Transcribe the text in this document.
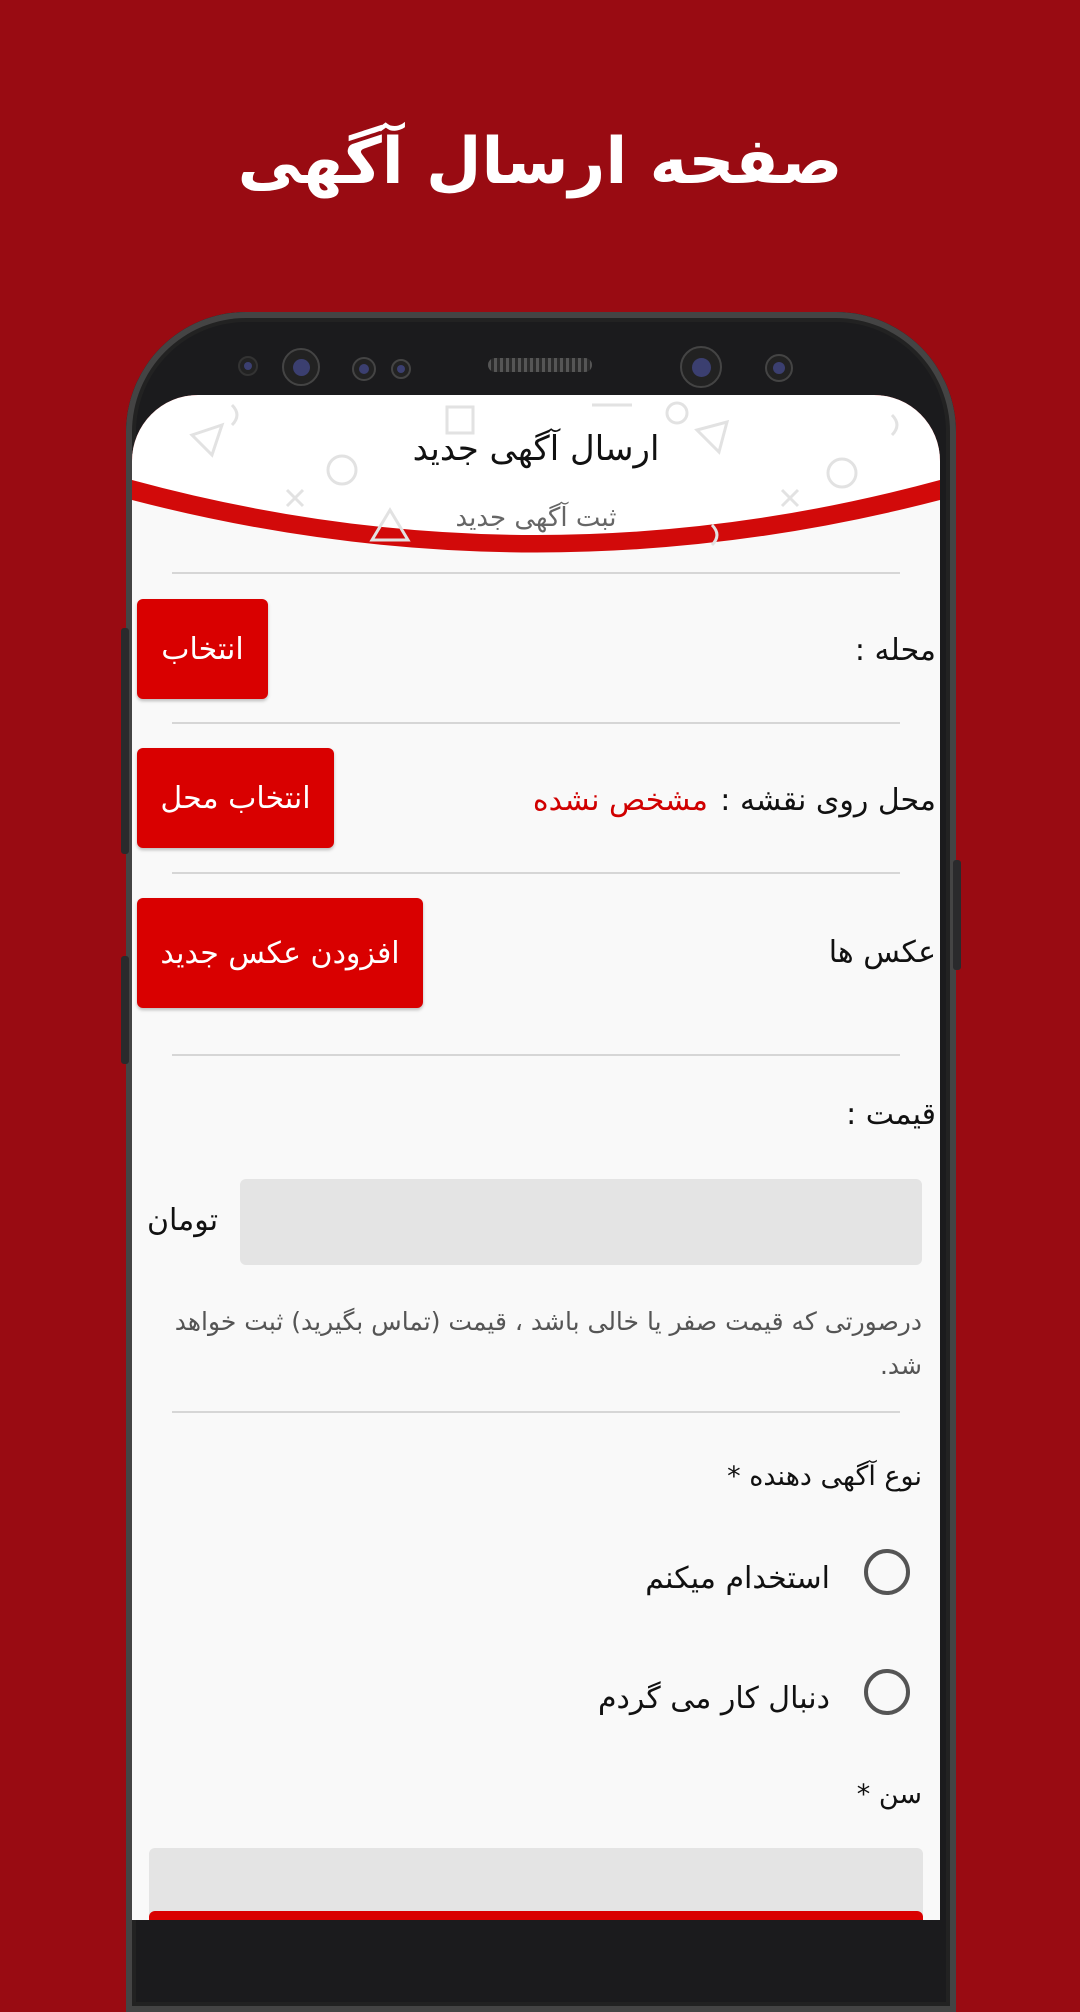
صفحه ارسال آگهی
ارسال آگهی جدید
ثبت آگهی جدید
محله :
انتخاب
محل روی نقشه :
مشخص نشده
انتخاب محل
عکس ها
افزودن عکس جدید
قیمت :
تومان
درصورتی که قیمت صفر یا خالی باشد ، قیمت (تماس بگیرید) ثبت خواهد شد.
نوع آگهی دهنده *
استخدام میکنم
دنبال کار می گردم
سن *
